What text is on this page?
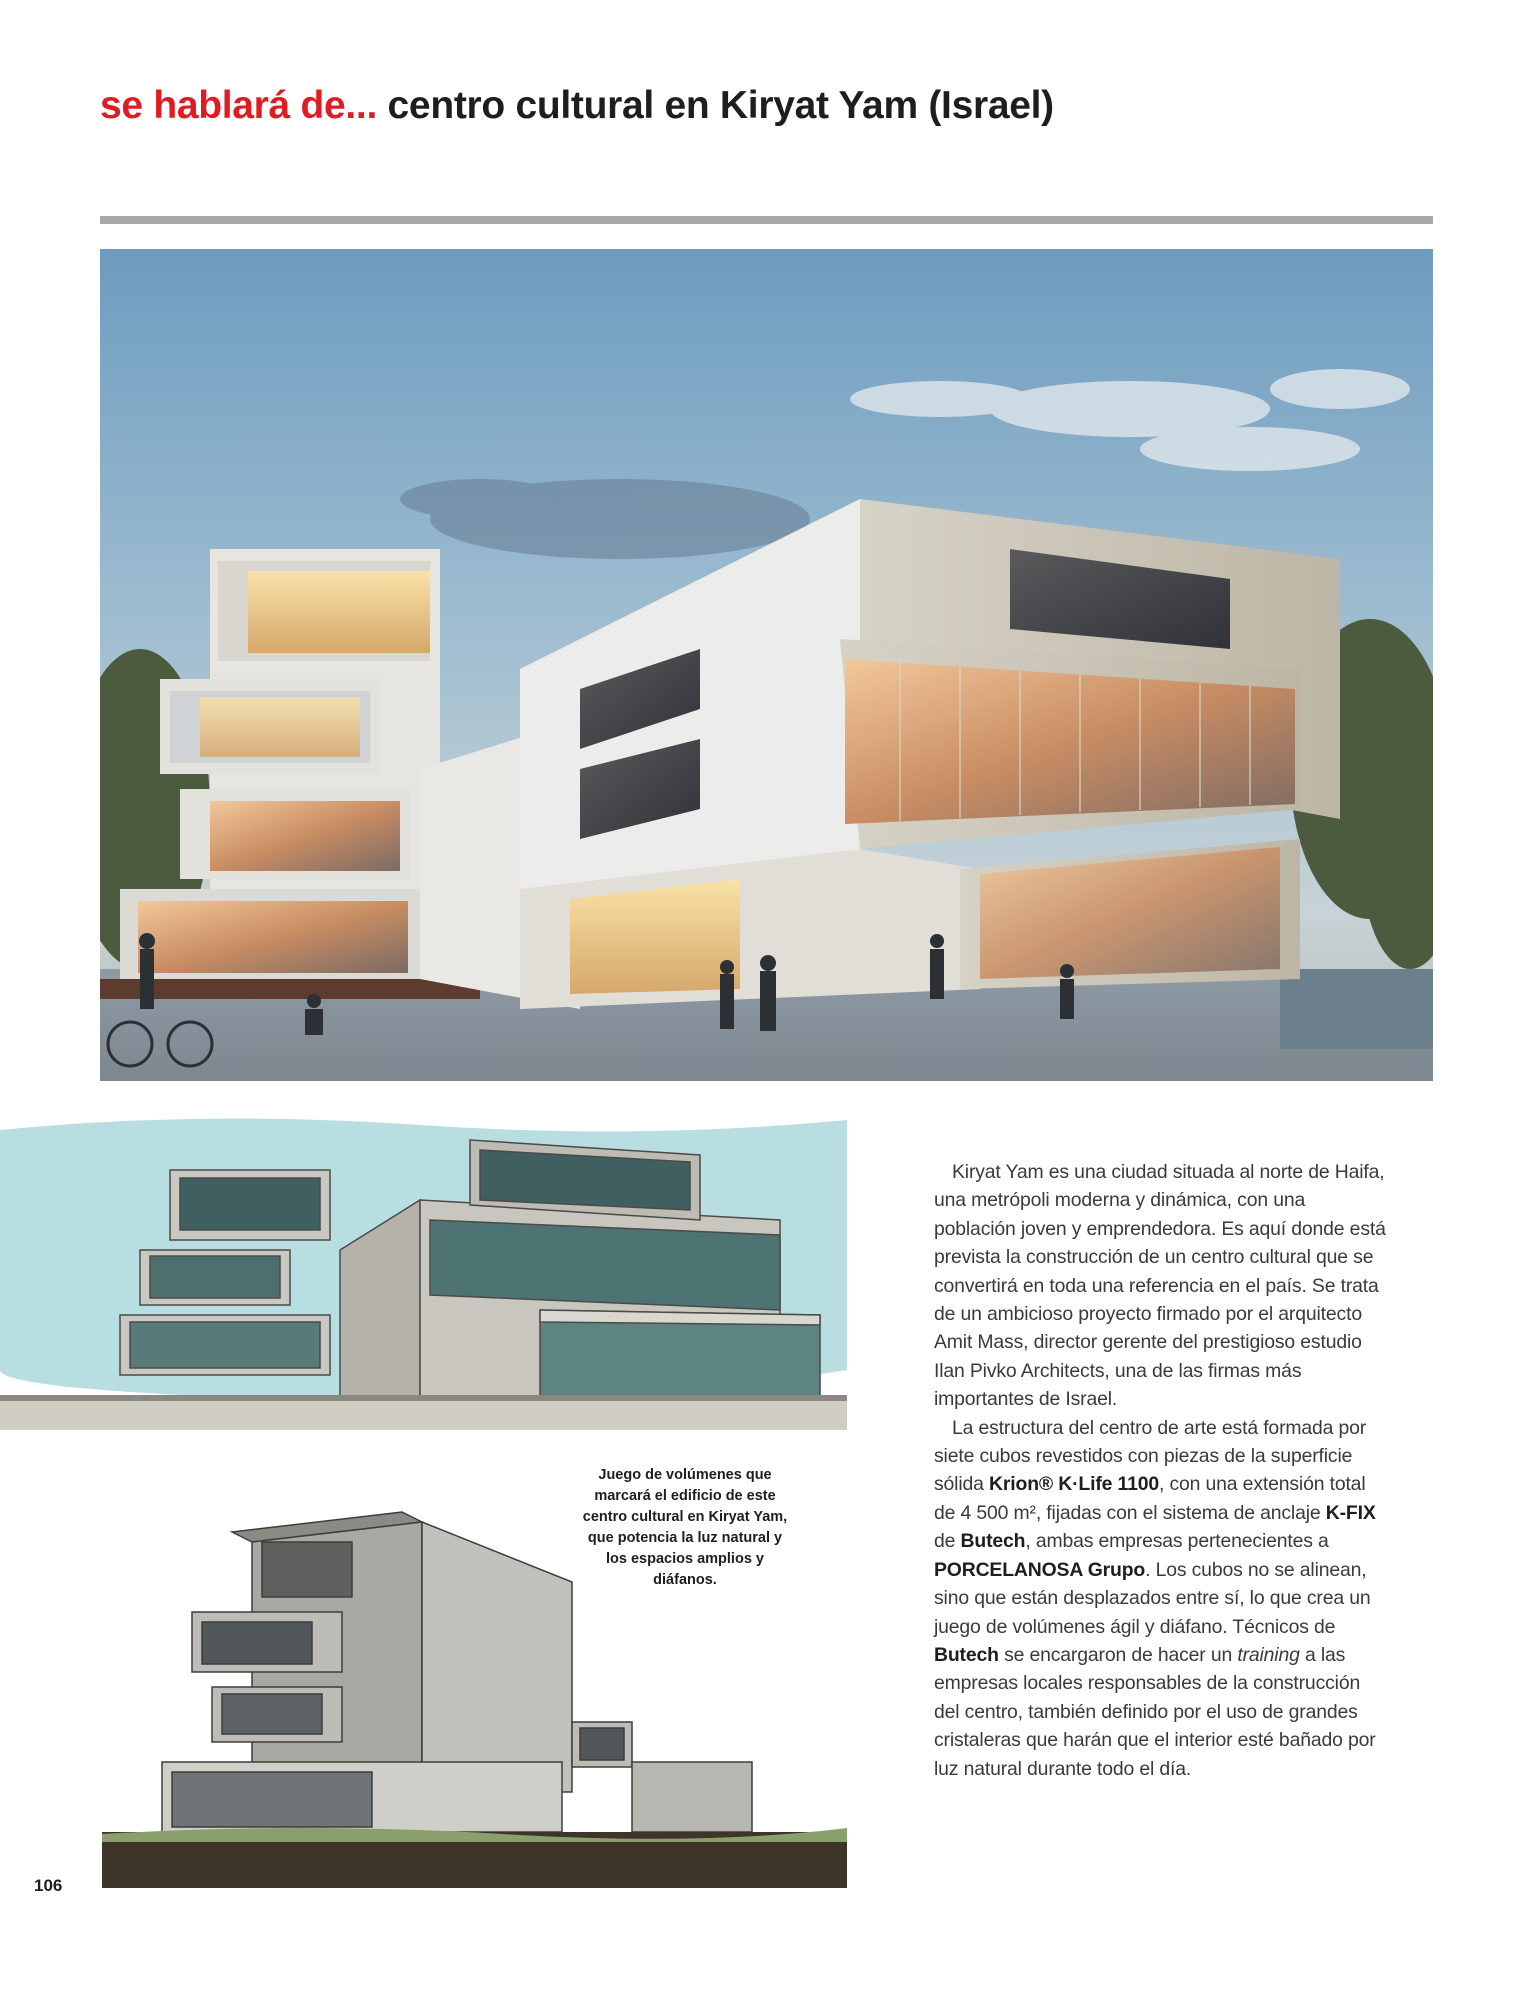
se hablará de... centro cultural en Kiryat Yam (Israel)
Juego de volúmenes que marcará el edificio de este centro cultural en Kiryat Yam, que potencia la luz natural y los espacios amplios y diáfanos.

Kiryat Yam es una ciudad situada al norte de Haifa, una metrópoli moderna y dinámica, con una población joven y emprendedora. Es aquí donde está prevista la construcción de un centro cultural que se convertirá en toda una referencia en el país. Se trata de un ambicioso proyecto firmado por el arquitecto Amit Mass, director gerente del prestigioso estudio Ilan Pivko Architects, una de las firmas más importantes de Israel.

La estructura del centro de arte está formada por siete cubos revestidos con piezas de la superficie sólida Krion® K·Life 1100, con una extensión total de 4 500 m², fijadas con el sistema de anclaje K-FIX de Butech, ambas empresas pertenecientes a PORCELANOSA Grupo. Los cubos no se alinean, sino que están desplazados entre sí, lo que crea un juego de volúmenes ágil y diáfano. Técnicos de Butech se encargaron de hacer un training a las empresas locales responsables de la construcción del centro, también definido por el uso de grandes cristaleras que harán que el interior esté bañado por luz natural durante todo el día.

106
